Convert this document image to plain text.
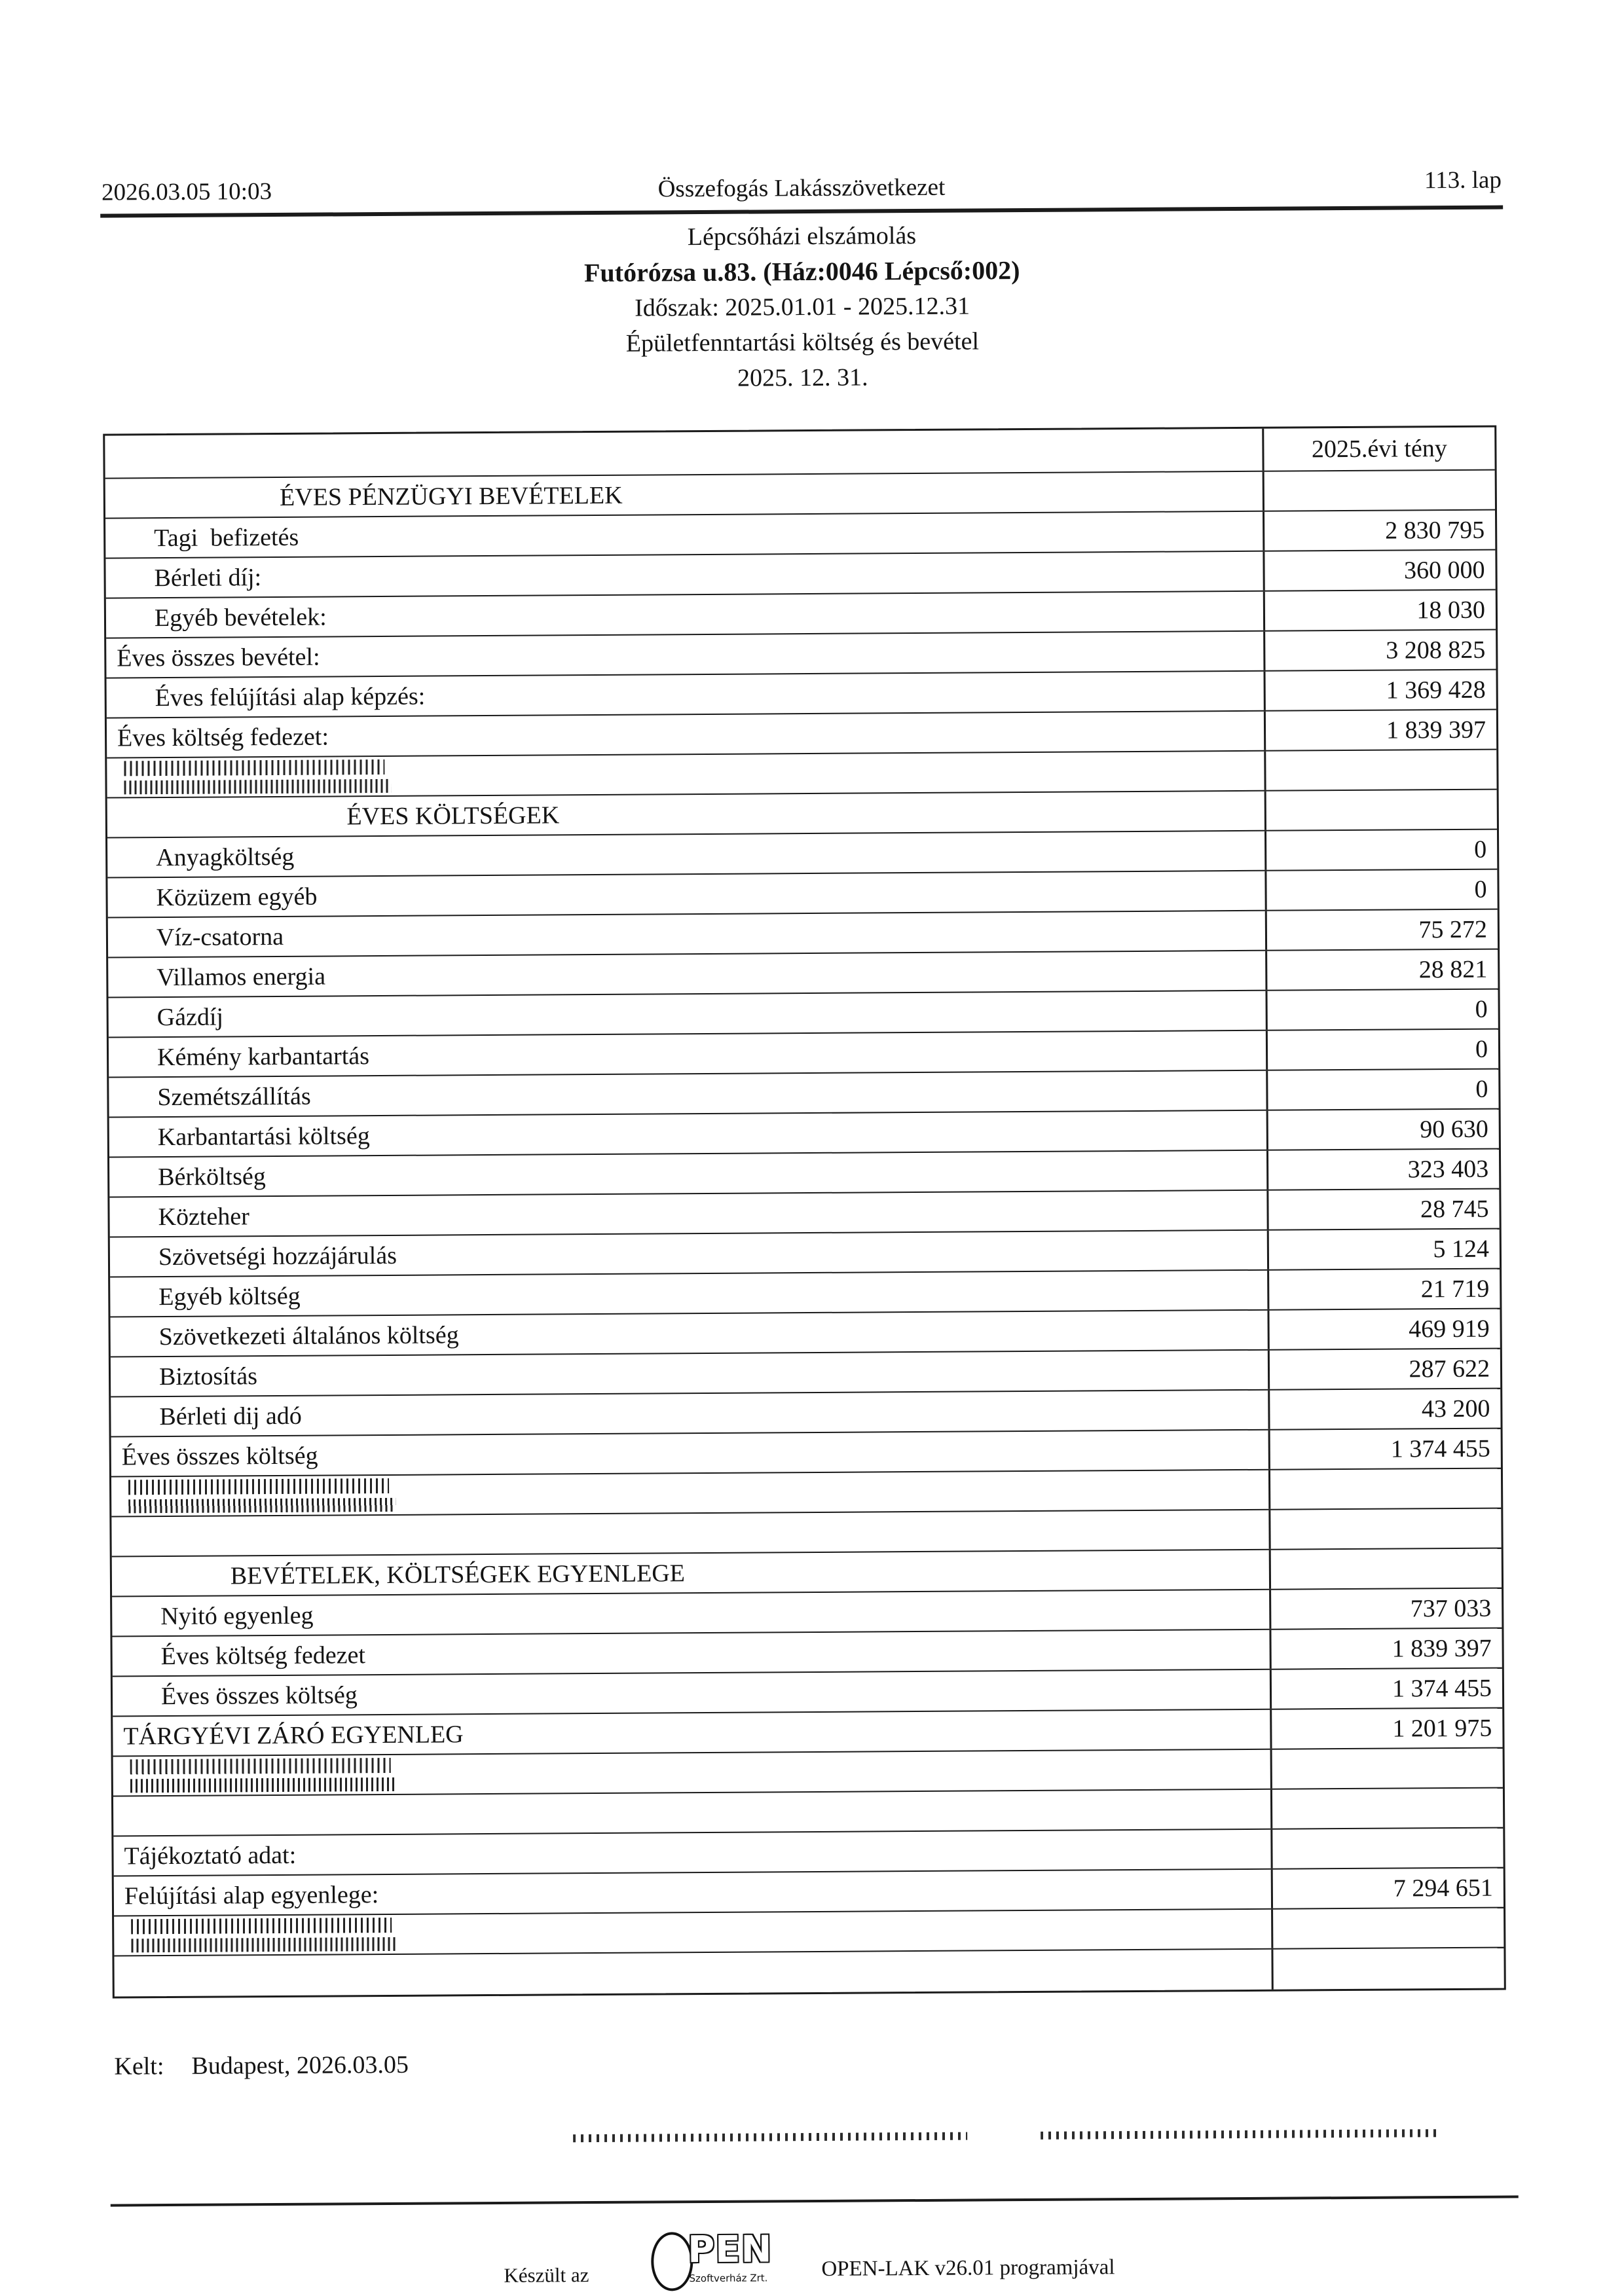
2026.03.05 10:03	Összefogás Lakásszövetkezet	113. lap
Lépcsőházi elszámolás
Futórózsa u.83. (Ház:0046 Lépcső:002)
Időszak: 2025.01.01 - 2025.12.31
Épületfenntartási költség és bevétel
2025. 12. 31.
2025.évi tény
ÉVES PÉNZÜGYI BEVÉTELEK
Tagi  befizetés	2 830 795
Bérleti díj:	360 000
Egyéb bevételek:	18 030
Éves összes bevétel:	3 208 825
Éves felújítási alap képzés:	1 369 428
Éves költség fedezet:	1 839 397
ÉVES KÖLTSÉGEK
Anyagköltség	0
Közüzem egyéb	0
Víz-csatorna	75 272
Villamos energia	28 821
Gázdíj	0
Kémény karbantartás	0
Szemétszállítás	0
Karbantartási költség	90 630
Bérköltség	323 403
Közteher	28 745
Szövetségi hozzájárulás	5 124
Egyéb költség	21 719
Szövetkezeti általános költség	469 919
Biztosítás	287 622
Bérleti dij adó	43 200
Éves összes költség	1 374 455
BEVÉTELEK, KÖLTSÉGEK EGYENLEGE
Nyitó egyenleg	737 033
Éves költség fedezet	1 839 397
Éves összes költség	1 374 455
TÁRGYÉVI ZÁRÓ EGYENLEG	1 201 975
Tájékoztató adat:
Felújítási alap egyenlege:	7 294 651
Kelt: Budapest, 2026.03.05
Készült az
PEN
Szoftverház Zrt. OPEN-LAK v26.01 programjával
